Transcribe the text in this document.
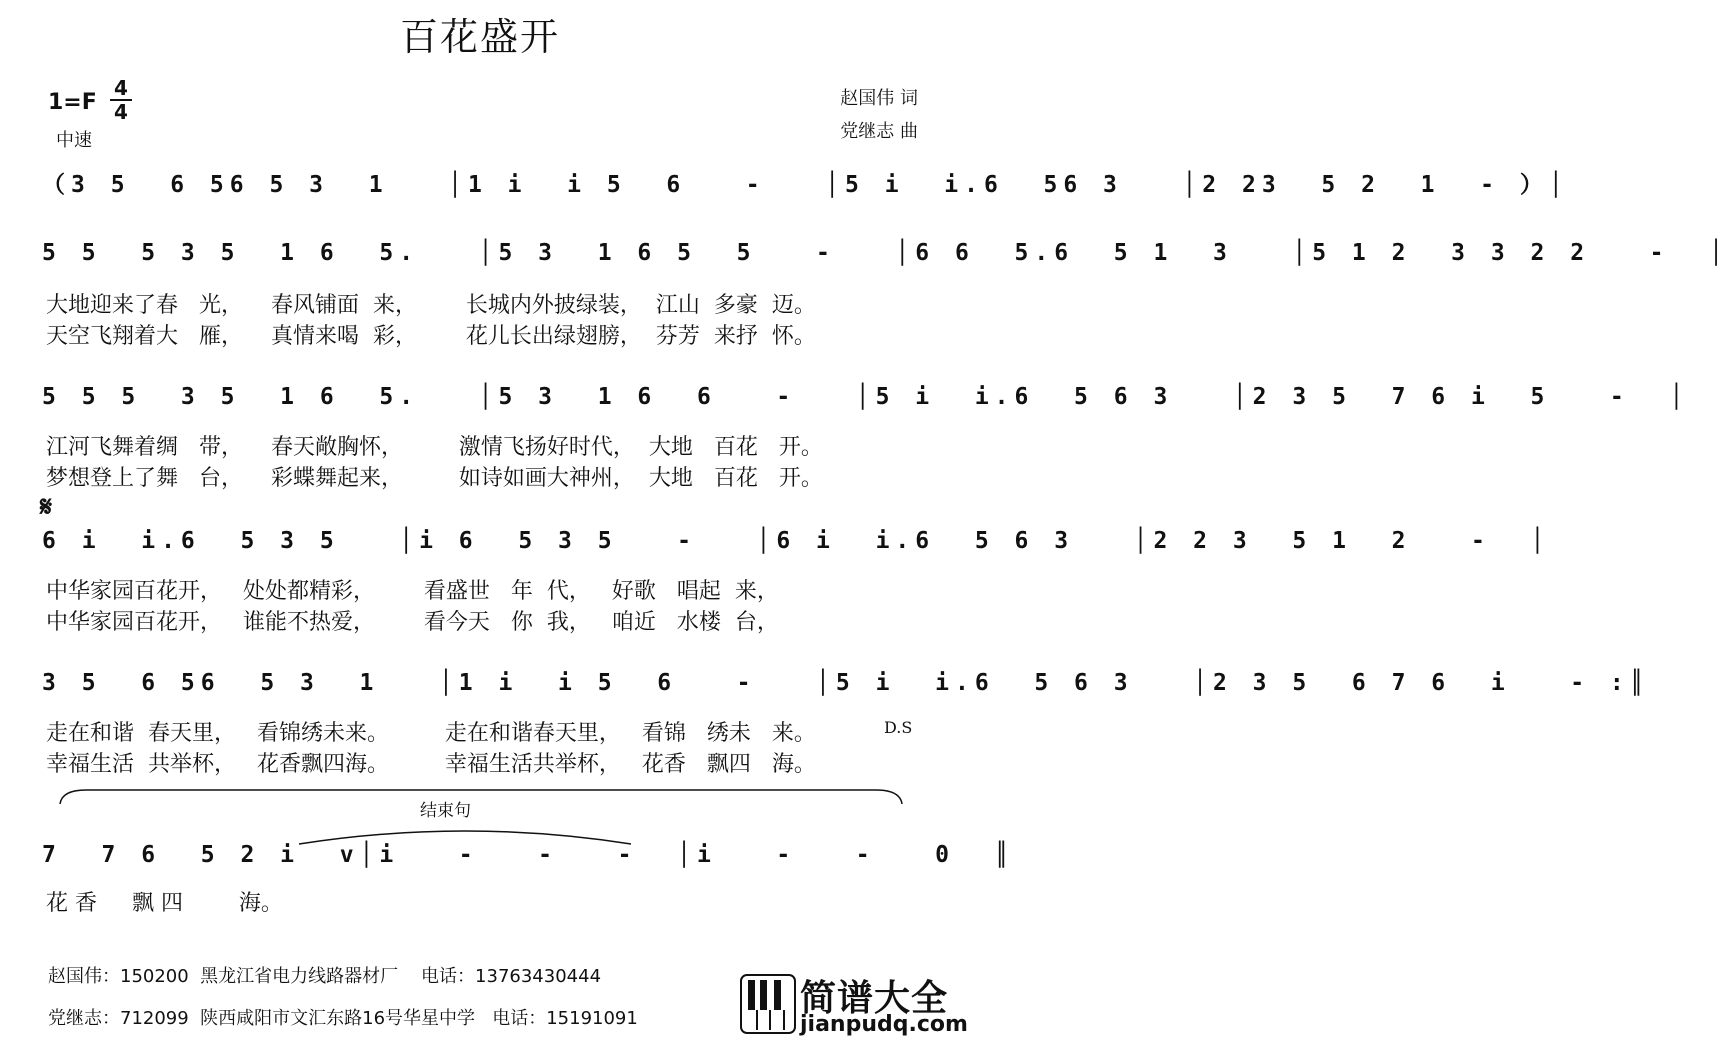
百花盛开
1=F
4
4
中速
赵国伟 词
党继志 曲
（3 5  6 56 5 3  1   │1 i  i 5  6   -   │5 i  i.6  56 3   │2 23  5 2  1  - ）│
5 5  5 3 5  1 6  5.   │5 3  1 6 5  5   -   │6 6  5.6  5 1  3   │5 1 2  3 3 2 2   -  │
大地迎来了春   光，    春风铺面  来，       长城内外披绿装，  江山  多豪  迈。
天空飞翔着大   雁，    真情来喝  彩，       花儿长出绿翅膀，  芬芳  来抒  怀。
5 5 5  3 5  1 6  5.   │5 3  1 6  6   -   │5 i  i.6  5 6 3   │2 3 5  7 6 i  5   -  │
江河飞舞着绸   带，    春天敞胸怀，        激情飞扬好时代，  大地   百花   开。
梦想登上了舞   台，    彩蝶舞起来，        如诗如画大神州，  大地   百花   开。
𝄋
6 i  i.6  5 3 5   │i 6  5 3 5   -   │6 i  i.6  5 6 3   │2 2 3  5 1  2   -  │
中华家园百花开，   处处都精彩，       看盛世   年  代，   好歌   唱起  来，
中华家园百花开，   谁能不热爱，       看今天   你  我，   咱近   水楼  台，
3 5  6 56  5 3  1   │1 i  i 5  6   -   │5 i  i.6  5 6 3   │2 3 5  6 7 6  i   - :║
走在和谐  春天里，   看锦绣未来。        走在和谐春天里，   看锦   绣未   来。
幸福生活  共举杯，   花香飘四海。        幸福生活共举杯，   花香   飘四   海。
D.S
结束句
7  7 6  5 2 i  v│i   -   -   -  │i   -   -   0  ║
花 香     飘 四        海。
赵国伟：150200  黑龙江省电力线路器材厂    电话：13763430444
党继志：712099  陕西咸阳市文汇东路16号华星中学   电话：15191091	简谱大全
jianpudq.com
